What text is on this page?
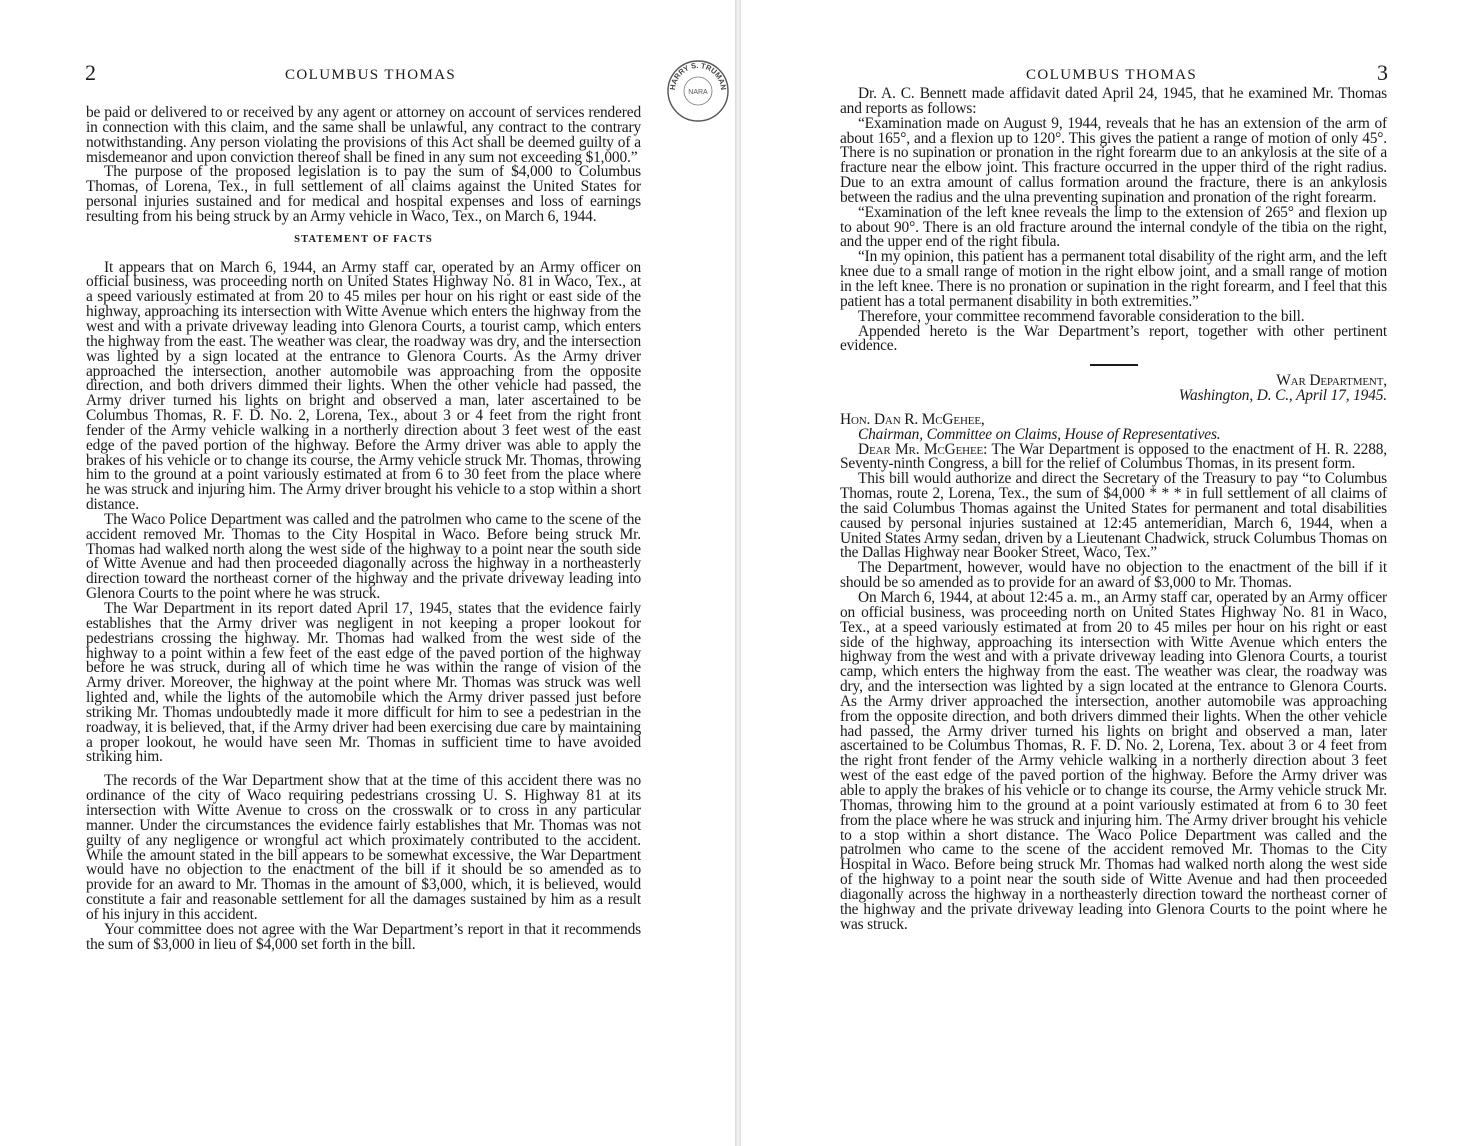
2	COLUMBUS THOMAS

be paid or delivered to or received by any agent or attorney on account of services rendered in connection with this claim, and the same shall be unlawful, any contract to the contrary notwithstanding. Any person violating the provisions of this Act shall be deemed guilty of a misdemeanor and upon conviction thereof shall be fined in any sum not exceeding $1,000.”

The purpose of the proposed legislation is to pay the sum of $4,000 to Columbus Thomas, of Lorena, Tex., in full settlement of all claims against the United States for personal injuries sustained and for medical and hospital expenses and loss of earnings resulting from his being struck by an Army vehicle in Waco, Tex., on March 6, 1944.

STATEMENT OF FACTS

It appears that on March 6, 1944, an Army staff car, operated by an Army officer on official business, was proceeding north on United States Highway No. 81 in Waco, Tex., at a speed variously estimated at from 20 to 45 miles per hour on his right or east side of the highway, approaching its intersection with Witte Avenue which enters the highway from the west and with a private driveway leading into Glenora Courts, a tourist camp, which enters the highway from the east. The weather was clear, the roadway was dry, and the intersection was lighted by a sign located at the entrance to Glenora Courts. As the Army driver approached the intersection, another automobile was approaching from the opposite direction, and both drivers dimmed their lights. When the other vehicle had passed, the Army driver turned his lights on bright and observed a man, later ascertained to be Columbus Thomas, R. F. D. No. 2, Lorena, Tex., about 3 or 4 feet from the right front fender of the Army vehicle walking in a northerly direction about 3 feet west of the east edge of the paved portion of the highway. Before the Army driver was able to apply the brakes of his vehicle or to change its course, the Army vehicle struck Mr. Thomas, throwing him to the ground at a point variously estimated at from 6 to 30 feet from the place where he was struck and injuring him. The Army driver brought his vehicle to a stop within a short distance.

The Waco Police Department was called and the patrolmen who came to the scene of the accident removed Mr. Thomas to the City Hospital in Waco. Before being struck Mr. Thomas had walked north along the west side of the highway to a point near the south side of Witte Avenue and had then proceeded diagonally across the highway in a northeasterly direction toward the northeast corner of the highway and the private driveway leading into Glenora Courts to the point where he was struck.

The War Department in its report dated April 17, 1945, states that the evidence fairly establishes that the Army driver was negligent in not keeping a proper lookout for pedestrians crossing the highway. Mr. Thomas had walked from the west side of the highway to a point within a few feet of the east edge of the paved portion of the highway before he was struck, during all of which time he was within the range of vision of the Army driver. Moreover, the highway at the point where Mr. Thomas was struck was well lighted and, while the lights of the automobile which the Army driver passed just before striking Mr. Thomas undoubtedly made it more difficult for him to see a pedestrian in the roadway, it is believed, that, if the Army driver had been exercising due care by maintaining a proper lookout, he would have seen Mr. Thomas in sufficient time to have avoided striking him.

The records of the War Department show that at the time of this accident there was no ordinance of the city of Waco requiring pedestrians crossing U. S. Highway 81 at its intersection with Witte Avenue to cross on the crosswalk or to cross in any particular manner. Under the circumstances the evidence fairly establishes that Mr. Thomas was not guilty of any negligence or wrongful act which proximately contributed to the accident. While the amount stated in the bill appears to be somewhat excessive, the War Department would have no objection to the enactment of the bill if it should be so amended as to provide for an award to Mr. Thomas in the amount of $3,000, which, it is believed, would constitute a fair and reasonable settlement for all the damages sustained by him as a result of his injury in this accident.

Your committee does not agree with the War Department’s report in that it recommends the sum of $3,000 in lieu of $4,000 set forth in the bill.

COLUMBUS THOMAS	3

Dr. A. C. Bennett made affidavit dated April 24, 1945, that he examined Mr. Thomas and reports as follows:

“Examination made on August 9, 1944, reveals that he has an extension of the arm of about 165°, and a flexion up to 120°. This gives the patient a range of motion of only 45°. There is no supination or pronation in the right forearm due to an ankylosis at the site of a fracture near the elbow joint. This fracture occurred in the upper third of the right radius. Due to an extra amount of callus formation around the fracture, there is an ankylosis between the radius and the ulna preventing supination and pronation of the right forearm.

“Examination of the left knee reveals the limp to the extension of 265° and flexion up to about 90°. There is an old fracture around the internal condyle of the tibia on the right, and the upper end of the right fibula.

“In my opinion, this patient has a permanent total disability of the right arm, and the left knee due to a small range of motion in the right elbow joint, and a small range of motion in the left knee. There is no pronation or supination in the right forearm, and I feel that this patient has a total permanent disability in both extremities.”

Therefore, your committee recommend favorable consideration to the bill.

Appended hereto is the War Department’s report, together with other pertinent evidence.

War Department,

Washington, D. C., April 17, 1945.

Hon. Dan R. McGehee,

Chairman, Committee on Claims, House of Representatives.

Dear Mr. McGehee: The War Department is opposed to the enactment of H. R. 2288, Seventy-ninth Congress, a bill for the relief of Columbus Thomas, in its present form.

This bill would authorize and direct the Secretary of the Treasury to pay “to Columbus Thomas, route 2, Lorena, Tex., the sum of $4,000 * * * in full settlement of all claims of the said Columbus Thomas against the United States for permanent and total disabilities caused by personal injuries sustained at 12:45 antemeridian, March 6, 1944, when a United States Army sedan, driven by a Lieutenant Chadwick, struck Columbus Thomas on the Dallas Highway near Booker Street, Waco, Tex.”

The Department, however, would have no objection to the enactment of the bill if it should be so amended as to provide for an award of $3,000 to Mr. Thomas.

On March 6, 1944, at about 12:45 a. m., an Army staff car, operated by an Army officer on official business, was proceeding north on United States Highway No. 81 in Waco, Tex., at a speed variously estimated at from 20 to 45 miles per hour on his right or east side of the highway, approaching its intersection with Witte Avenue which enters the highway from the west and with a private driveway leading into Glenora Courts, a tourist camp, which enters the highway from the east. The weather was clear, the roadway was dry, and the intersection was lighted by a sign located at the entrance to Glenora Courts. As the Army driver approached the intersection, another automobile was approaching from the opposite direction, and both drivers dimmed their lights. When the other vehicle had passed, the Army driver turned his lights on bright and observed a man, later ascertained to be Columbus Thomas, R. F. D. No. 2, Lorena, Tex. about 3 or 4 feet from the right front fender of the Army vehicle walking in a northerly direction about 3 feet west of the east edge of the paved portion of the highway. Before the Army driver was able to apply the brakes of his vehicle or to change its course, the Army vehicle struck Mr. Thomas, throwing him to the ground at a point variously estimated at from 6 to 30 feet from the place where he was struck and injuring him. The Army driver brought his vehicle to a stop within a short distance. The Waco Police Department was called and the patrolmen who came to the scene of the accident removed Mr. Thomas to the City Hospital in Waco. Before being struck Mr. Thomas had walked north along the west side of the highway to a point near the south side of Witte Avenue and had then proceeded diagonally across the highway in a northeasterly direction toward the northeast corner of the highway and the private driveway leading into Glenora Courts to the point where he was struck.

HARRY S. TRUMAN
NARA
